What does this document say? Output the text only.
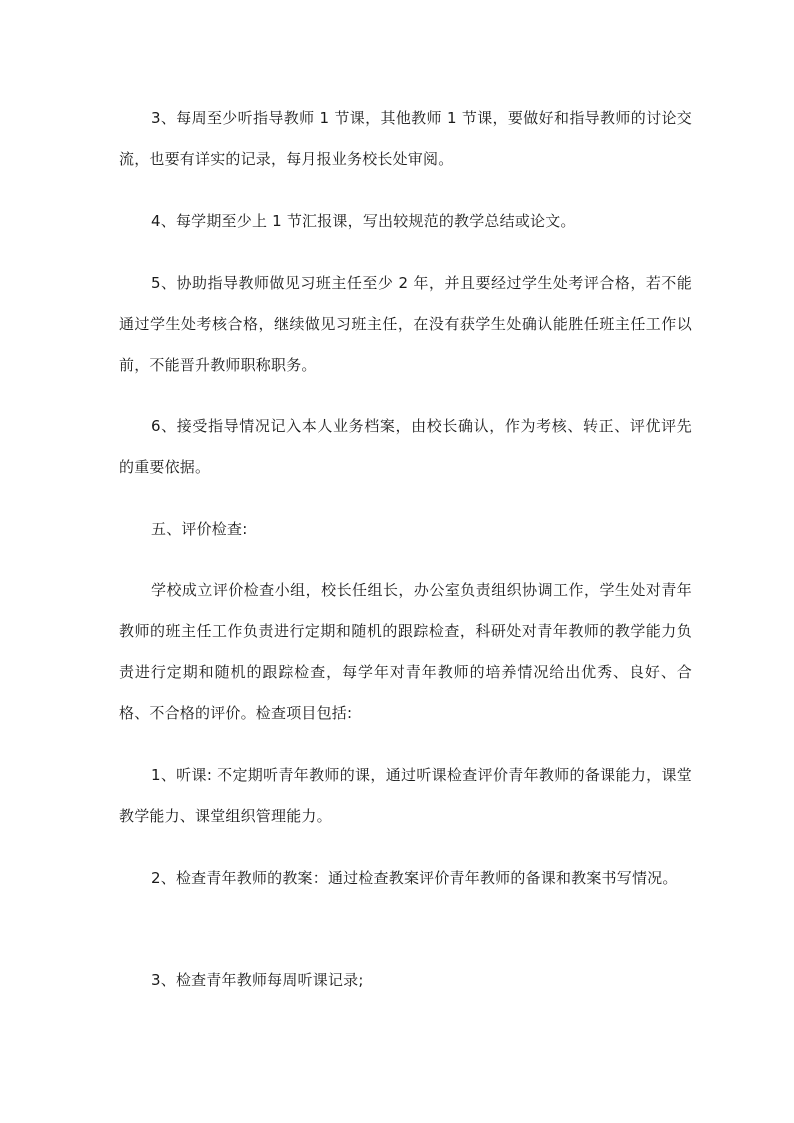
3、每周至少听指导教师 1 节课，其他教师 1 节课，要做好和指导教师的讨论交流，也要有详实的记录，每月报业务校长处审阅。

4、每学期至少上 1 节汇报课，写出较规范的教学总结或论文。

5、协助指导教师做见习班主任至少 2 年，并且要经过学生处考评合格，若不能通过学生处考核合格，继续做见习班主任，在没有获学生处确认能胜任班主任工作以前，不能晋升教师职称职务。

6、接受指导情况记入本人业务档案，由校长确认，作为考核、转正、评优评先的重要依据。

五、评价检查:

学校成立评价检查小组，校长任组长，办公室负责组织协调工作，学生处对青年教师的班主任工作负责进行定期和随机的跟踪检查，科研处对青年教师的教学能力负责进行定期和随机的跟踪检查，每学年对青年教师的培养情况给出优秀、良好、合格、不合格的评价。检查项目包括:

1、听课: 不定期听青年教师的课，通过听课检查评价青年教师的备课能力，课堂教学能力、课堂组织管理能力。

2、检查青年教师的教案：通过检查教案评价青年教师的备课和教案书写情况。

3、检查青年教师每周听课记录;
